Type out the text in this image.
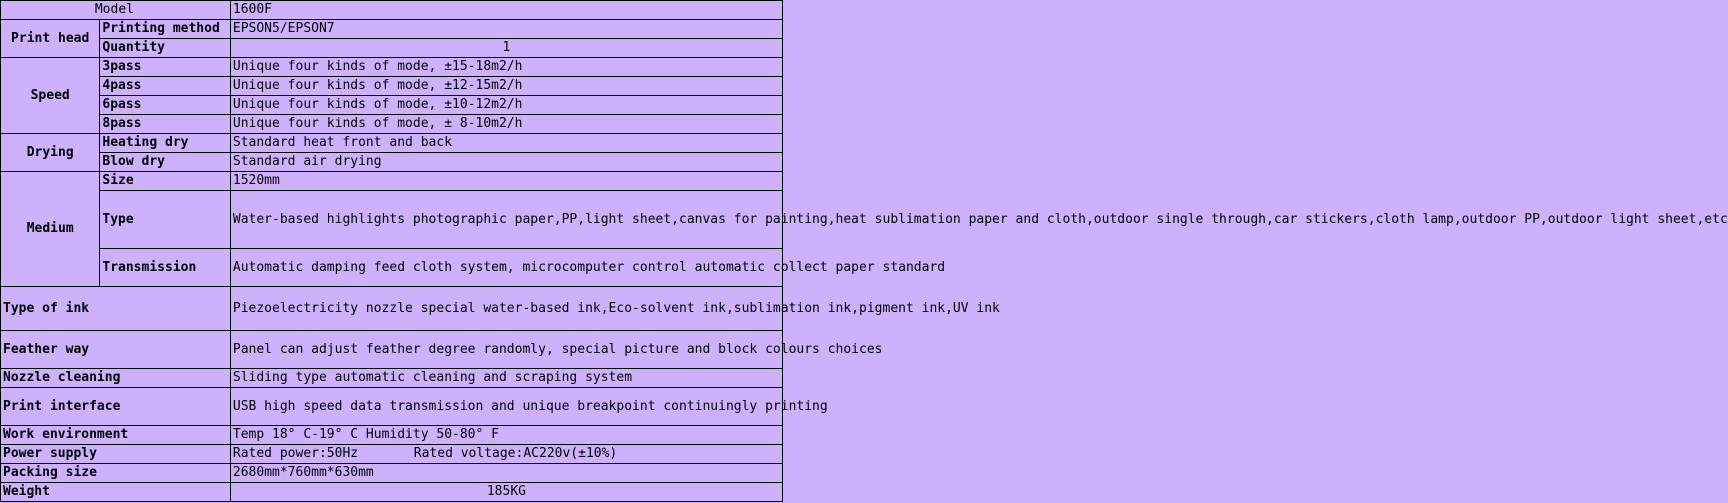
Model		1600F
Print head	Printing method	EPSON5/EPSON7
	Quantity	1
Speed	3pass	Unique four kinds of mode, ±15-18m2/h
	4pass	Unique four kinds of mode, ±12-15m2/h
	6pass	Unique four kinds of mode, ±10-12m2/h
	8pass	Unique four kinds of mode, ± 8-10m2/h
Drying	Heating dry	Standard heat front and back
	Blow dry	Standard air drying
Medium	Size	1520mm
	Type	Water-based highlights photographic paper,PP,light sheet,canvas for painting,heat sublimation paper and cloth,outdoor single through,car stickers,cloth lamp,outdoor PP,outdoor light sheet,etc
	Transmission	Automatic damping feed cloth system, microcomputer control automatic collect paper standard
Type of ink		Piezoelectricity nozzle special water-based ink,Eco-solvent ink,sublimation ink,pigment ink,UV ink
Feather way		Panel can adjust feather degree randomly, special picture and block colours choices
Nozzle cleaning		Sliding type automatic cleaning and scraping system
Print interface		USB high speed data transmission and unique breakpoint continuingly printing
Work environment		Temp 18° C-19° C Humidity 50-80° F
Power supply		Rated power:50Hz Rated voltage:AC220v(±10%)
Packing size		2680mm*760mm*630mm
Weight		185KG
